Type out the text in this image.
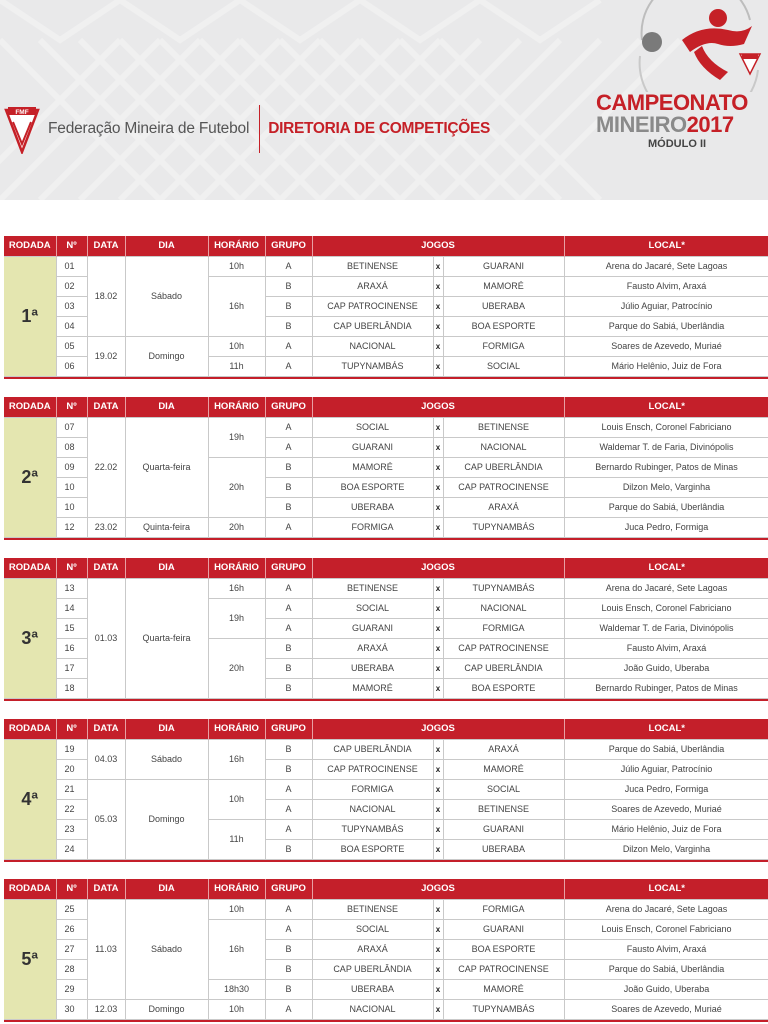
FMF
Federação Mineira de Futebol DIRETORIA DE COMPETIÇÕES
CAMPEONATO
MINEIRO2017
MÓDULO II
RODADA	Nº	DATA	DIA	HORÁRIO	GRUPO	JOGOS			LOCAL*
1ª	01	18.02	Sábado	10h	A	BETINENSE	x	GUARANI	Arena do Jacaré, Sete Lagoas
	02			16h	B	ARAXÁ	x	MAMORÉ	Fausto Alvim, Araxá
	03				B	CAP PATROCINENSE	x	UBERABA	Júlio Aguiar, Patrocínio
	04				B	CAP UBERLÂNDIA	x	BOA ESPORTE	Parque do Sabiá, Uberlândia
	05	19.02	Domingo	10h	A	NACIONAL	x	FORMIGA	Soares de Azevedo, Muriaé
	06			11h	A	TUPYNAMBÁS	x	SOCIAL	Mário Helênio, Juiz de Fora
RODADA	Nº	DATA	DIA	HORÁRIO	GRUPO	JOGOS			LOCAL*
2ª	07	22.02	Quarta-feira	19h	A	SOCIAL	x	BETINENSE	Louis Ensch, Coronel Fabriciano
	08				A	GUARANI	x	NACIONAL	Waldemar T. de Faria, Divinópolis
	09			20h	B	MAMORÉ	x	CAP UBERLÂNDIA	Bernardo Rubinger, Patos de Minas
	10				B	BOA ESPORTE	x	CAP PATROCINENSE	Dilzon Melo, Varginha
	10				B	UBERABA	x	ARAXÁ	Parque do Sabiá, Uberlândia
	12	23.02	Quinta-feira	20h	A	FORMIGA	x	TUPYNAMBÁS	Juca Pedro, Formiga
RODADA	Nº	DATA	DIA	HORÁRIO	GRUPO	JOGOS			LOCAL*
3ª	13	01.03	Quarta-feira	16h	A	BETINENSE	x	TUPYNAMBÁS	Arena do Jacaré, Sete Lagoas
	14			19h	A	SOCIAL	x	NACIONAL	Louis Ensch, Coronel Fabriciano
	15				A	GUARANI	x	FORMIGA	Waldemar T. de Faria, Divinópolis
	16			20h	B	ARAXÁ	x	CAP PATROCINENSE	Fausto Alvim, Araxá
	17				B	UBERABA	x	CAP UBERLÂNDIA	João Guido, Uberaba
	18				B	MAMORÉ	x	BOA ESPORTE	Bernardo Rubinger, Patos de Minas
RODADA	Nº	DATA	DIA	HORÁRIO	GRUPO	JOGOS			LOCAL*
4ª	19	04.03	Sábado	16h	B	CAP UBERLÂNDIA	x	ARAXÁ	Parque do Sabiá, Uberlândia
	20				B	CAP PATROCINENSE	x	MAMORÉ	Júlio Aguiar, Patrocínio
	21	05.03	Domingo	10h	A	FORMIGA	x	SOCIAL	Juca Pedro, Formiga
	22				A	NACIONAL	x	BETINENSE	Soares de Azevedo, Muriaé
	23			11h	A	TUPYNAMBÁS	x	GUARANI	Mário Helênio, Juiz de Fora
	24				B	BOA ESPORTE	x	UBERABA	Dilzon Melo, Varginha
RODADA	Nº	DATA	DIA	HORÁRIO	GRUPO	JOGOS			LOCAL*
5ª	25	11.03	Sábado	10h	A	BETINENSE	x	FORMIGA	Arena do Jacaré, Sete Lagoas
	26			16h	A	SOCIAL	x	GUARANI	Louis Ensch, Coronel Fabriciano
	27				B	ARAXÁ	x	BOA ESPORTE	Fausto Alvim, Araxá
	28				B	CAP UBERLÂNDIA	x	CAP PATROCINENSE	Parque do Sabiá, Uberlândia
	29			18h30	B	UBERABA	x	MAMORÉ	João Guido, Uberaba
	30	12.03	Domingo	10h	A	NACIONAL	x	TUPYNAMBÁS	Soares de Azevedo, Muriaé
